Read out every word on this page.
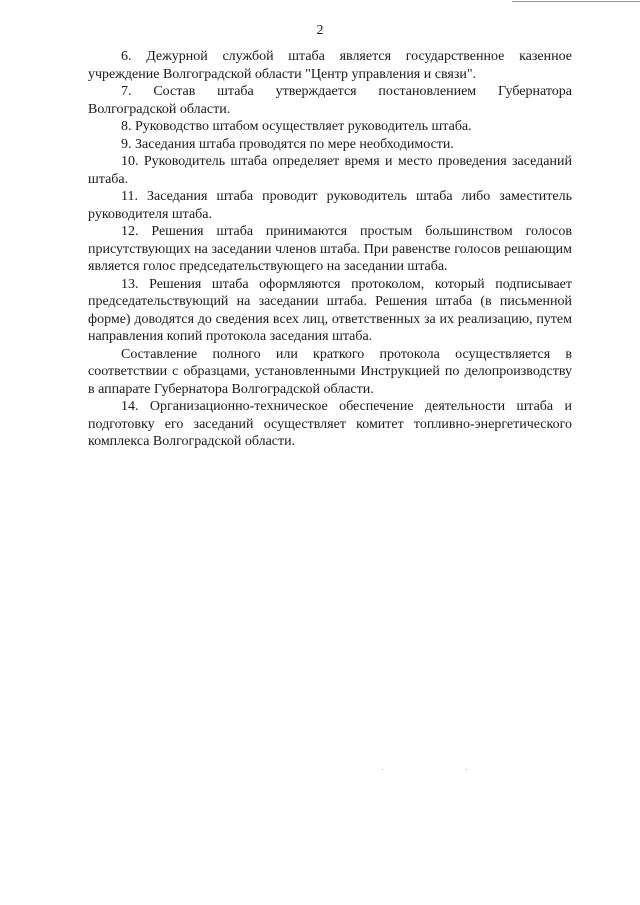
2

6. Дежурной службой штаба является государственное казенное учреждение Волгоградской области "Центр управления и связи".

7. Состав штаба утверждается постановлением Губернатора Волгоградской области.

8. Руководство штабом осуществляет руководитель штаба.

9. Заседания штаба проводятся по мере необходимости.

10. Руководитель штаба определяет время и место проведения заседаний штаба.

11. Заседания штаба проводит руководитель штаба либо заместитель руководителя штаба.

12. Решения штаба принимаются простым большинством голосов присутствующих на заседании членов штаба. При равенстве голосов решающим является голос председательствующего на заседании штаба.

13. Решения штаба оформляются протоколом, который подписывает председательствующий на заседании штаба. Решения штаба (в письменной форме) доводятся до сведения всех лиц, ответственных за их реализацию, путем направления копий протокола заседания штаба.

Составление полного или краткого протокола осуществляется в соответствии с образцами, установленными Инструкцией по делопроизводству в аппарате Губернатора Волгоградской области.

14. Организационно-техническое обеспечение деятельности штаба и подготовку его заседаний осуществляет комитет топливно-энергетического комплекса Волгоградской области.
